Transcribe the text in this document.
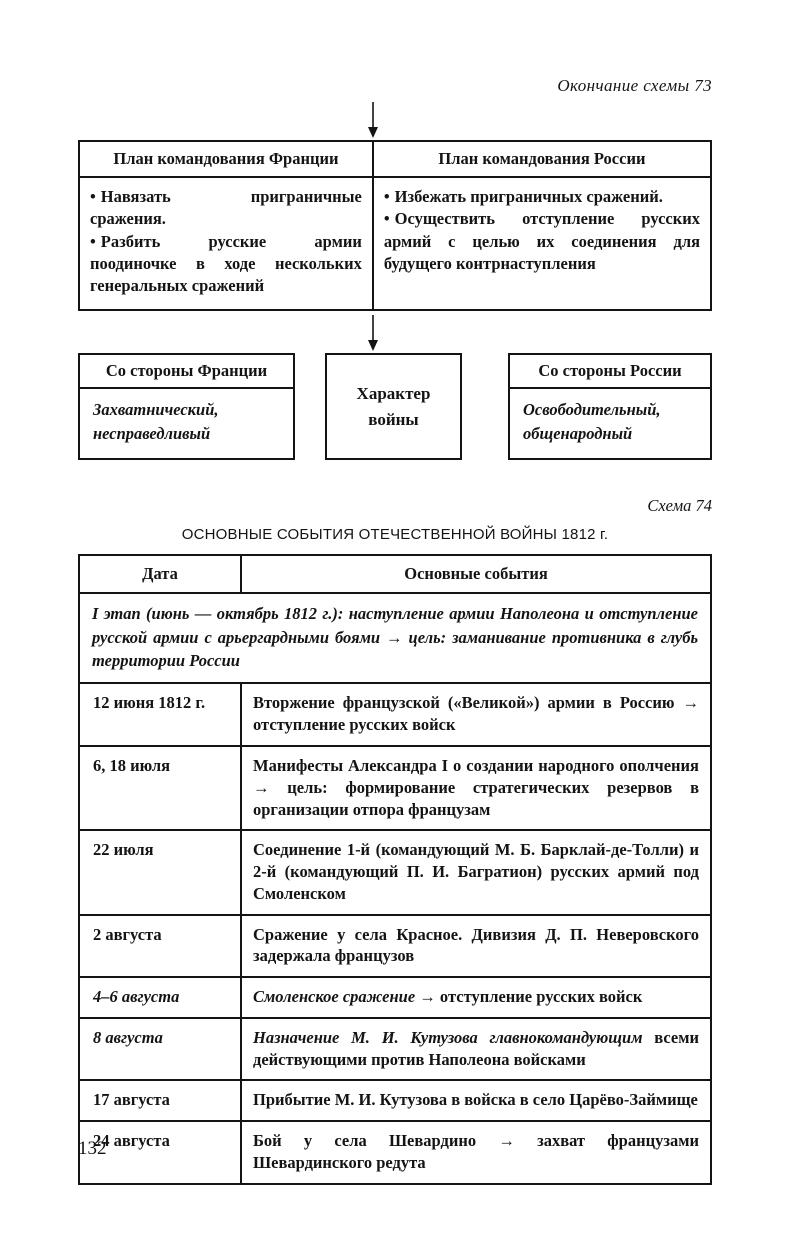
Окончание схемы 73
План командования Франции	План командования России

• Навязать приграничные сражения.
• Разбить русские армии поодиночке в ходе нескольких генеральных сражений	• Избежать приграничных сражений.
• Осуществить отступление русских армий с целью их соединения для будущего контрнаступления
Со стороны Франции
Захватнический, несправедливый
Характер войны
Со стороны России
Освободительный, общенародный
Схема 74
ОСНОВНЫЕ СОБЫТИЯ ОТЕЧЕСТВЕННОЙ ВОЙНЫ 1812 г.
Дата	Основные события
I этап (июнь — октябрь 1812 г.): наступление армии Наполеона и отступление русской армии с арьергардными боями → цель: заманивание противника в глубь территории России	
12 июня 1812 г.	Вторжение французской («Великой») армии в Россию → отступление русских войск
6, 18 июля	Манифесты Александра I о создании народного ополчения → цель: формирование стратегических резервов в организации отпора французам
22 июля	Соединение 1-й (командующий М. Б. Барклай-де-Толли) и 2-й (командующий П. И. Багратион) русских армий под Смоленском
2 августа	Сражение у села Красное. Дивизия Д. П. Неверовского задержала французов
4–6 августа	Смоленское сражение → отступление русских войск
8 августа	Назначение М. И. Кутузова главнокомандующим всеми действующими против Наполеона войсками
17 августа	Прибытие М. И. Кутузова в войска в село Царёво-Займище
24 августа	Бой у села Шевардино → захват французами Шевардинского редута
132
